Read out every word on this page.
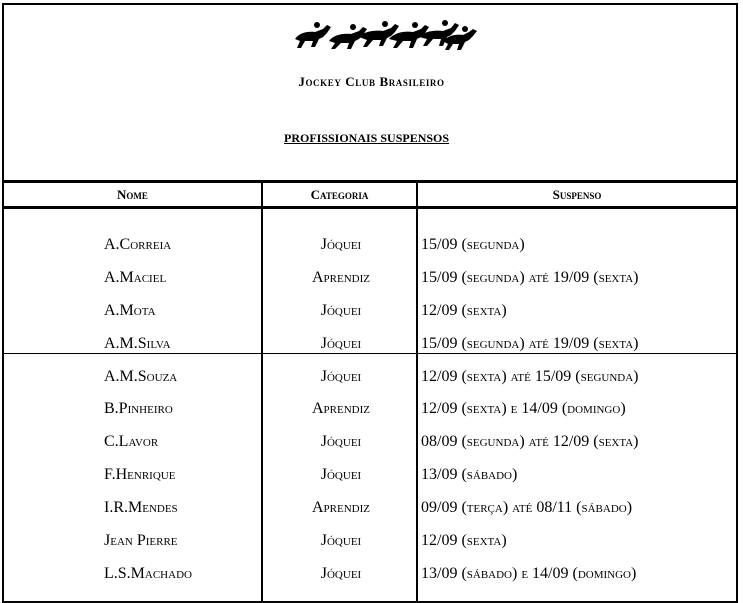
Jockey Club Brasileiro
PROFISSIONAIS SUSPENSOS
Nome	Categoria	Suspenso
A.Correia	Jóquei	15/09 (segunda)
A.Maciel	Aprendiz	15/09 (segunda) até 19/09 (sexta)
A.Mota	Jóquei	12/09 (sexta)
A.M.Silva	Jóquei	15/09 (segunda) até 19/09 (sexta)
A.M.Souza	Jóquei	12/09 (sexta) até 15/09 (segunda)
B.Pinheiro	Aprendiz	12/09 (sexta) e 14/09 (domingo)
C.Lavor	Jóquei	08/09 (segunda) até 12/09 (sexta)
F.Henrique	Jóquei	13/09 (sábado)
I.R.Mendes	Aprendiz	09/09 (terça) até 08/11 (sábado)
Jean Pierre	Jóquei	12/09 (sexta)
L.S.Machado	Jóquei	13/09 (sábado) e 14/09 (domingo)
